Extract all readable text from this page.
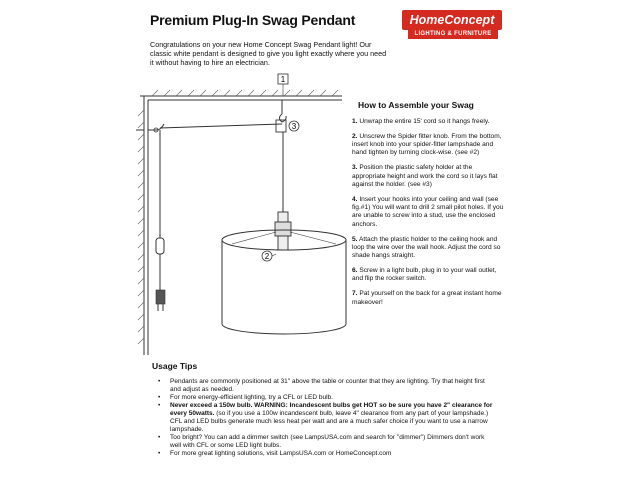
Premium Plug-In Swag Pendant	HomeConcept
LIGHTING & FURNITURE
Congratulations on your new Home Concept Swag Pendant light! Our classic white pendant is designed to give you light exactly where you need it without having to hire an electrician.
1
3
2
How to Assemble your Swag

1. Unwrap the entire 15' cord so it hangs freely.

2. Unscrew the Spider fitter knob. From the bottom, insert knob into your spider-fitter lampshade and hand tighten by turning clock-wise. (see #2)

3. Position the plastic safety holder at the appropriate height and work the cord so it lays flat against the holder. (see #3)

4. Insert your hooks into your ceiling and wall (see fig.#1) You will want to drill 2 small pilot holes. If you are unable to screw into a stud, use the enclosed anchors.

5. Attach the plastic holder to the ceiling hook and loop the wire over the wall hook. Adjust the cord so shade hangs straight.

6. Screw in a light bulb, plug in to your wall outlet, and flip the rocker switch.

7. Pat yourself on the back for a great instant home makeover!

Usage Tips
• Pendants are commonly positioned at 31" above the table or counter that they are lighting. Try that height first and adjust as needed.
• For more energy-efficient lighting, try a CFL or LED bulb.
• Never exceed a 150w bulb. WARNING: Incandescent bulbs get HOT so be sure you have 2" clearance for every 50watts. (so if you use a 100w incandescent bulb, leave 4" clearance from any part of your lampshade.) CFL and LED bulbs generate much less heat per watt and are a much safer choice if you want to use a narrow lampshade.
• Too bright? You can add a dimmer switch (see LampsUSA.com and search for "dimmer") Dimmers don't work well with CFL or some LED light bulbs.
• For more great lighting solutions, visit LampsUSA.com or HomeConcept.com
